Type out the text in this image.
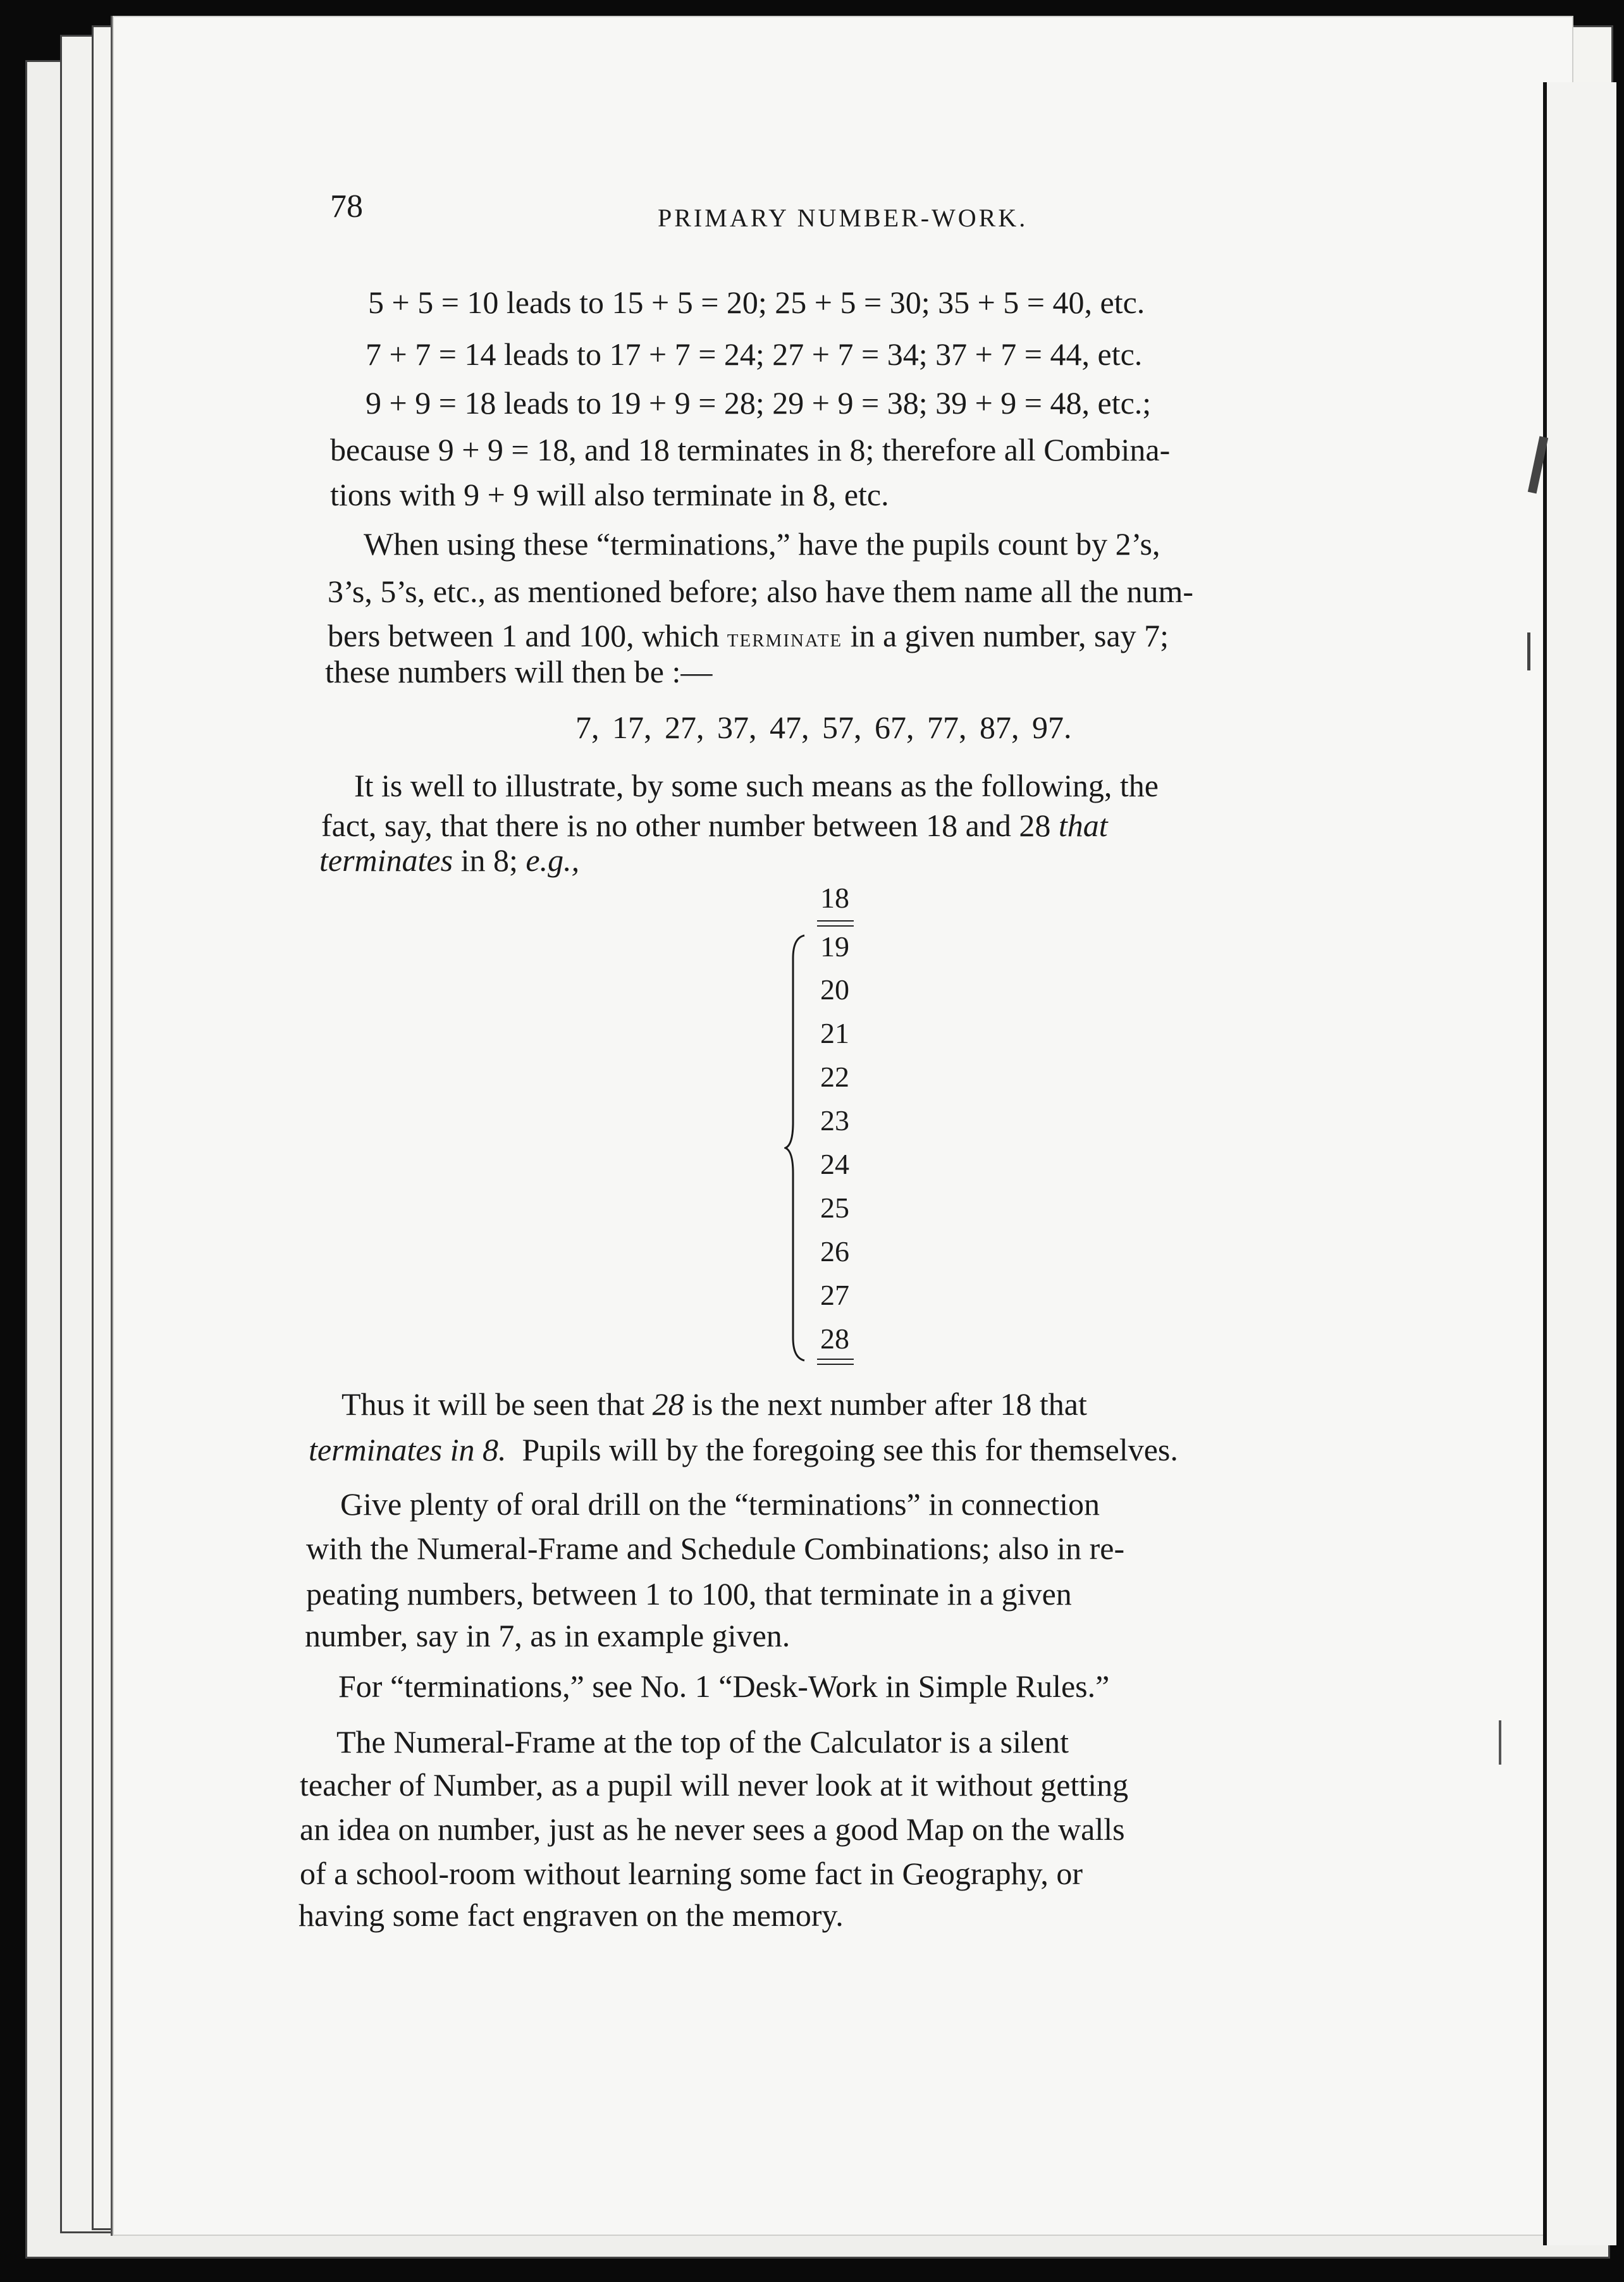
78	PRIMARY NUMBER-WORK.
5 + 5 = 10 leads to 15 + 5 = 20; 25 + 5 = 30; 35 + 5 = 40, etc.
7 + 7 = 14 leads to 17 + 7 = 24; 27 + 7 = 34; 37 + 7 = 44, etc.
9 + 9 = 18 leads to 19 + 9 = 28; 29 + 9 = 38; 39 + 9 = 48, etc.;
because 9 + 9 = 18, and 18 terminates in 8; therefore all Combina-
tions with 9 + 9 will also terminate in 8, etc.
When using these “terminations,” have the pupils count by 2’s,
3’s, 5’s, etc., as mentioned before; also have them name all the num-
bers between 1 and 100, which terminate in a given number, say 7;
these numbers will then be :—
7, 17, 27, 37, 47, 57, 67, 77, 87, 97.
It is well to illustrate, by some such means as the following, the
fact, say, that there is no other number between 18 and 28 that
terminates in 8; e.g.,
18
19
20
21
22
23
24
25
26
27
28
Thus it will be seen that 28 is the next number after 18 that
terminates in 8.  Pupils will by the foregoing see this for themselves.
Give plenty of oral drill on the “terminations” in connection
with the Numeral-Frame and Schedule Combinations; also in re-
peating numbers, between 1 to 100, that terminate in a given
number, say in 7, as in example given.
For “terminations,” see No. 1 “Desk-Work in Simple Rules.”
The Numeral-Frame at the top of the Calculator is a silent
teacher of Number, as a pupil will never look at it without getting
an idea on number, just as he never sees a good Map on the walls
of a school-room without learning some fact in Geography, or
having some fact engraven on the memory.
